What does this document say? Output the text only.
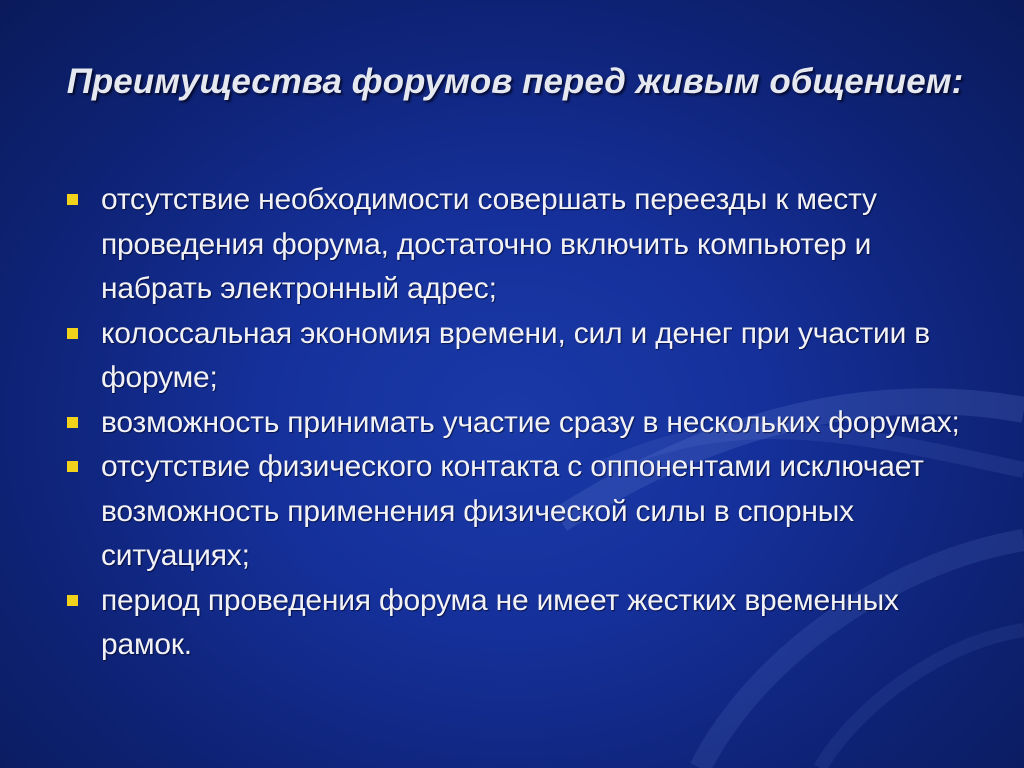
Преимущества форумов перед живым общением:
отсутствие необходимости совершать переезды к месту проведения форума, достаточно включить компьютер и набрать электронный адрес;
колоссальная экономия времени, сил и денег при участии в форуме;
возможность принимать участие сразу в нескольких форумах;
отсутствие физического контакта с оппонентами исключает возможность применения физической силы в спорных ситуациях;
период проведения форума не имеет жестких временных рамок.
